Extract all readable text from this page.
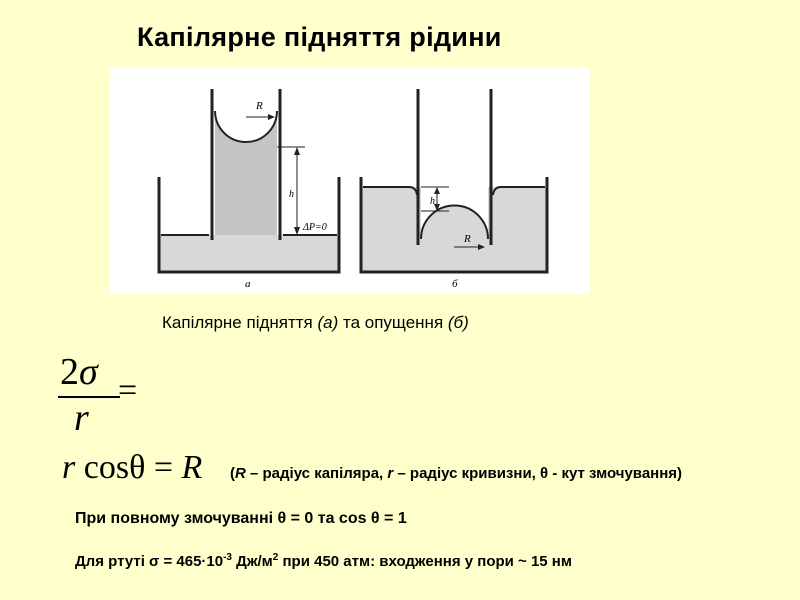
Капілярне підняття рідини
R
h
ΔP=0
а
R
h
б
Капілярне підняття (а) та опущення (б)
2σ
r
=
r cosθ = R (R – радіус капіляра, r – радіус кривизни, θ - кут змочування)
При повному змочуванні θ = 0 та cos θ = 1
Для ртуті $\sigma = 465\cdot 10^{-3}$ $Дж/м^2$ при 450 атм: входження у пори ~ 15 нм
